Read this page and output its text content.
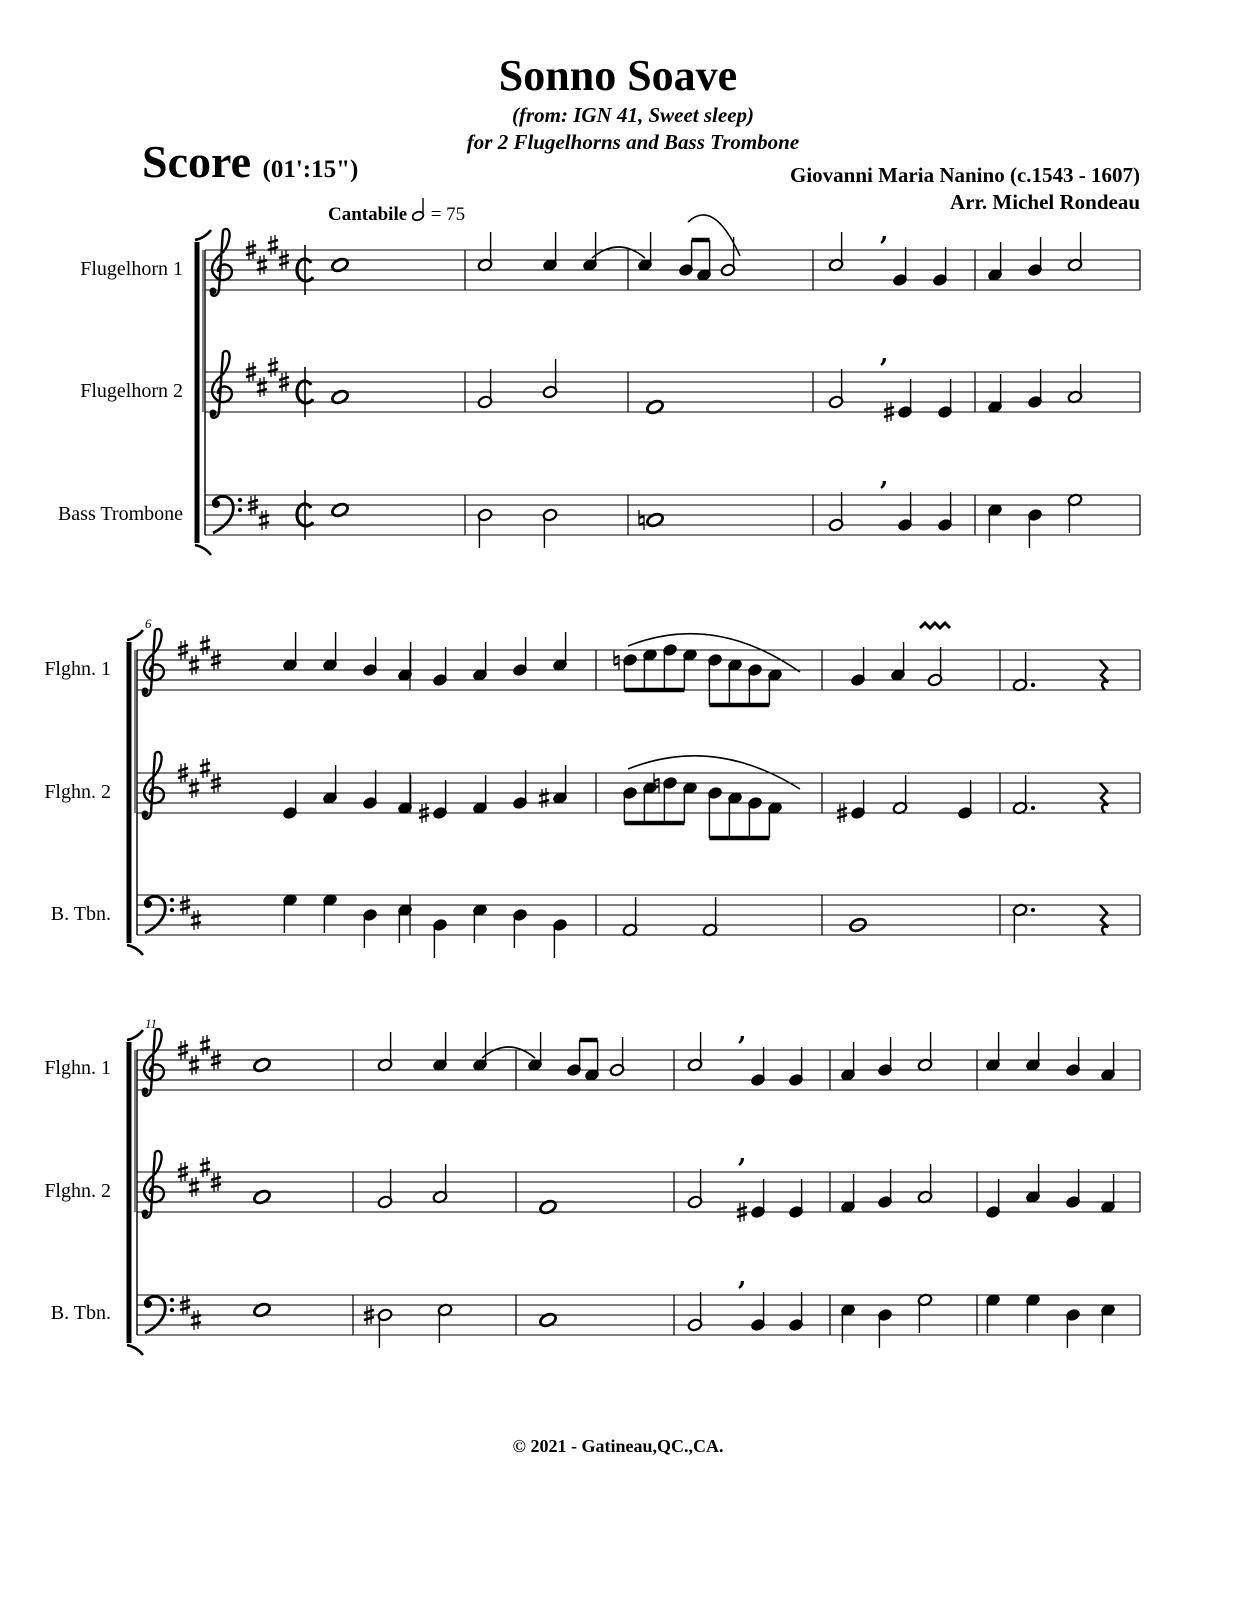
Sonno Soave
(from: IGN 41, Sweet sleep)
for 2 Flugelhorns and Bass Trombone
Score (01':15")	Giovanni Maria Nanino (c.1543 - 1607)
Arr. Michel Rondeau
Cantabile = 75
Flugelhorn 1
Flugelhorn 2
Bass Trombone
Flghn. 1
Flghn. 2
B. Tbn.
Flghn. 1
Flghn. 2
B. Tbn.
6
11
© 2021 - Gatineau,QC.,CA.
,
,
,
,
,
,
